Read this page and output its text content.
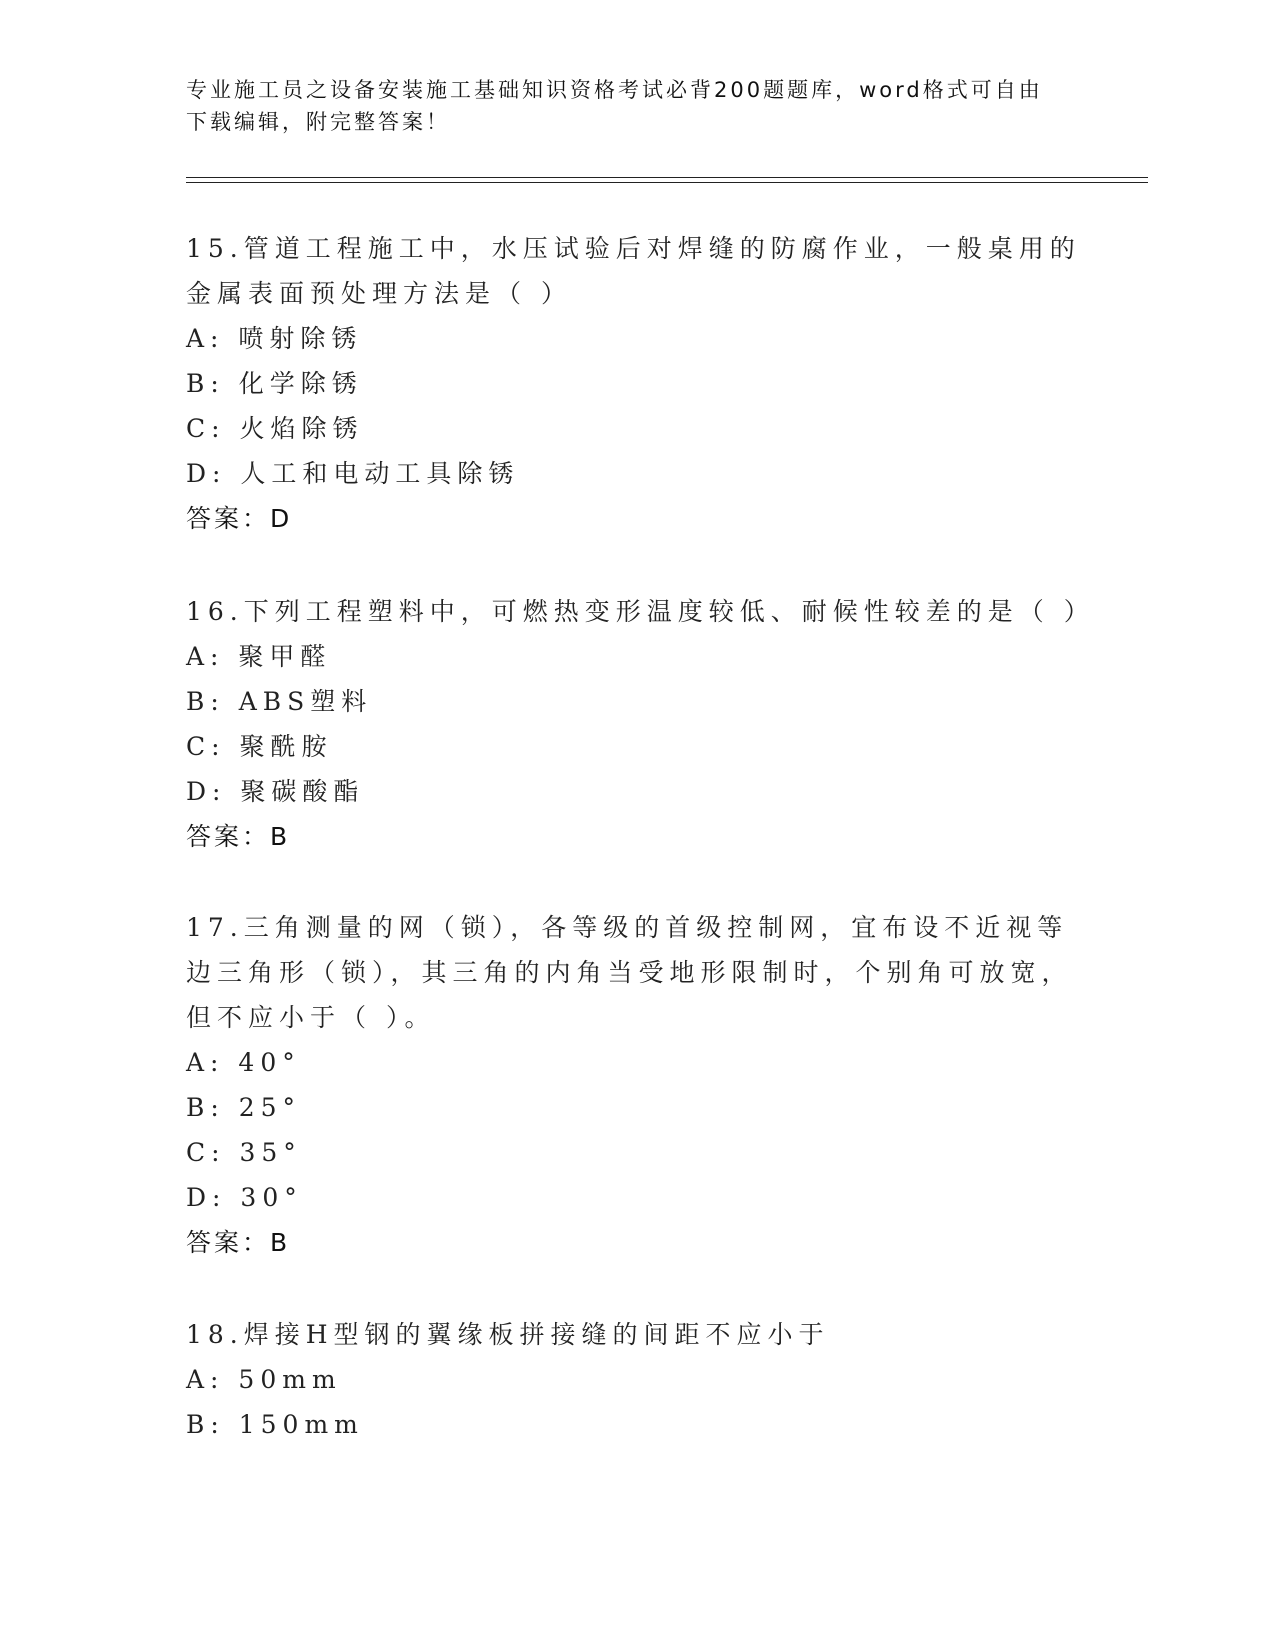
专业施工员之设备安装施工基础知识资格考试必背200题题库，word格式可自由下载编辑，附完整答案！
15.管道工程施工中，水压试验后对焊缝的防腐作业，一般桌用的金属表面预处理方法是（ ）
A: 喷射除锈
B: 化学除锈
C: 火焰除锈
D: 人工和电动工具除锈
答案：D
16.下列工程塑料中，可燃热变形温度较低、耐候性较差的是（ ）
A: 聚甲醛
B: ABS塑料
C: 聚酰胺
D: 聚碳酸酯
答案：B
17.三角测量的网（锁），各等级的首级控制网，宜布设不近视等边三角形（锁），其三角的内角当受地形限制时，个别角可放宽，但不应小于（ ）。
A: 40°
B: 25°
C: 35°
D: 30°
答案：B
18.焊接H型钢的翼缘板拼接缝的间距不应小于
A: 50mm
B: 150mm
